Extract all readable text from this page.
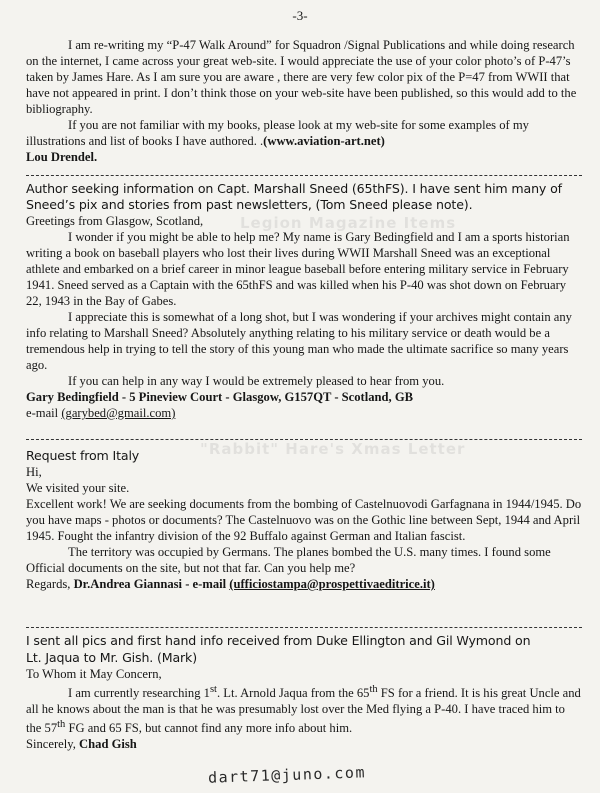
Legion Magazine Items
"Rabbit" Hare's Xmas Letter
-3-

I am re-writing my “P-47 Walk Around” for Squadron /Signal Publications and while doing research on the internet, I came across your great web-site. I would appreciate the use of your color photo’s of P-47’s taken by James Hare. As I am sure you are aware , there are very few color pix of the P=47 from WWII that have not appeared in print. I don’t think those on your web-site have been published, so this would add to the bibliography.

If you are not familiar with my books, please look at my web-site for some examples of my illustrations and list of books I have authored. .(www.aviation-art.net)

Lou Drendel.

Author seeking information on Capt. Marshall Sneed (65thFS). I have sent him many of Sneed’s pix and stories from past newsletters, (Tom Sneed please note).

Greetings from Glasgow, Scotland,

I wonder if you might be able to help me? My name is Gary Bedingfield and I am a sports historian writing a book on baseball players who lost their lives during WWII Marshall Sneed was an exceptional athlete and embarked on a brief career in minor league baseball before entering military service in February 1941. Sneed served as a Captain with the 65thFS and was killed when his P-40 was shot down on February 22, 1943 in the Bay of Gabes.

I appreciate this is somewhat of a long shot, but I was wondering if your archives might contain any info relating to Marshall Sneed? Absolutely anything relating to his military service or death would be a tremendous help in trying to tell the story of this young man who made the ultimate sacrifice so many years ago.

If you can help in any way I would be extremely pleased to hear from you.

Gary Bedingfield - 5 Pineview Court - Glasgow, G157QT - Scotland, GB

e-mail (garybed@gmail.com)

Request from Italy

Hi,

We visited your site.

Excellent work! We are seeking documents from the bombing of Castelnuovodi Garfagnana in 1944/1945. Do you have maps - photos or documents? The Castelnuovo was on the Gothic line between Sept, 1944 and April 1945. Fought the infantry division of the 92 Buffalo against German and Italian fascist.

The territory was occupied by Germans. The planes bombed the U.S. many times. I found some Official documents on the site, but not that far. Can you help me?

Regards, Dr.Andrea Giannasi - e-mail (ufficiostampa@prospettivaeditrice.it)

I sent all pics and first hand info received from Duke Ellington and Gil Wymond on

Lt. Jaqua to Mr. Gish. (Mark)

To Whom it May Concern,

I am currently researching 1st. Lt. Arnold Jaqua from the 65th FS for a friend. It is his great Uncle and all he knows about the man is that he was presumably lost over the Med flying a P-40. I have traced him to the 57th FG and 65 FS, but cannot find any more info about him.

Sincerely, Chad Gish

dart71@juno.com
